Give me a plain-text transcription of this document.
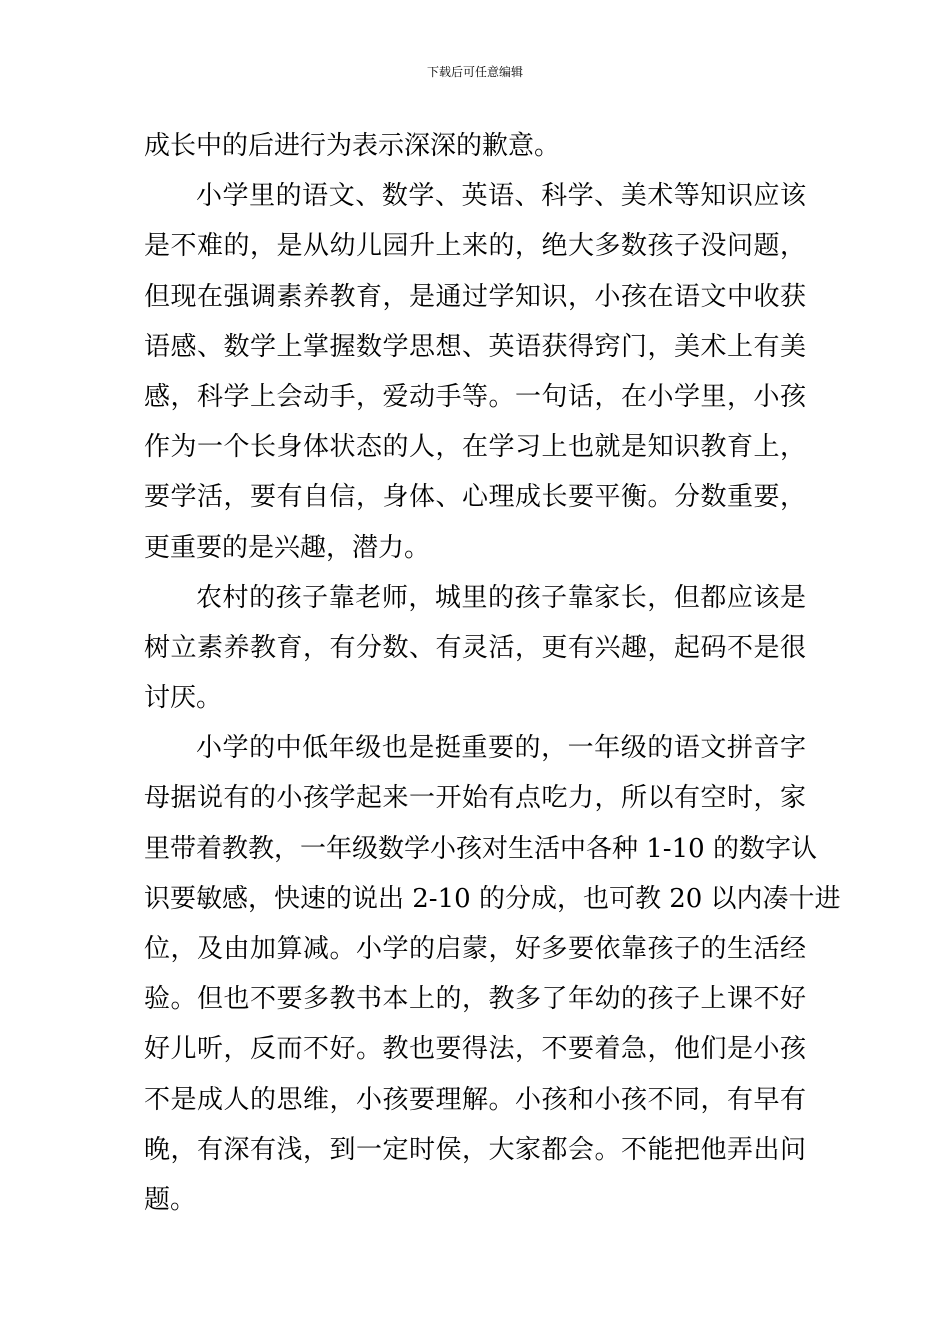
下载后可任意编辑
成长中的后进行为表示深深的歉意。
小学里的语文、数学、英语、科学、美术等知识应该
是不难的，是从幼儿园升上来的，绝大多数孩子没问题，
但现在强调素养教育，是通过学知识，小孩在语文中收获
语感、数学上掌握数学思想、英语获得窍门，美术上有美
感，科学上会动手，爱动手等。一句话，在小学里，小孩
作为一个长身体状态的人，在学习上也就是知识教育上，
要学活，要有自信，身体、心理成长要平衡。分数重要，
更重要的是兴趣，潜力。
农村的孩子靠老师，城里的孩子靠家长，但都应该是
树立素养教育，有分数、有灵活，更有兴趣，起码不是很
讨厌。
小学的中低年级也是挺重要的，一年级的语文拼音字
母据说有的小孩学起来一开始有点吃力，所以有空时，家
里带着教教，一年级数学小孩对生活中各种 1-10 的数字认
识要敏感，快速的说出 2-10 的分成，也可教 20 以内凑十进
位，及由加算减。小学的启蒙，好多要依靠孩子的生活经
验。但也不要多教书本上的，教多了年幼的孩子上课不好
好儿听，反而不好。教也要得法，不要着急，他们是小孩
不是成人的思维，小孩要理解。小孩和小孩不同，有早有
晚，有深有浅，到一定时侯，大家都会。不能把他弄出问
题。
